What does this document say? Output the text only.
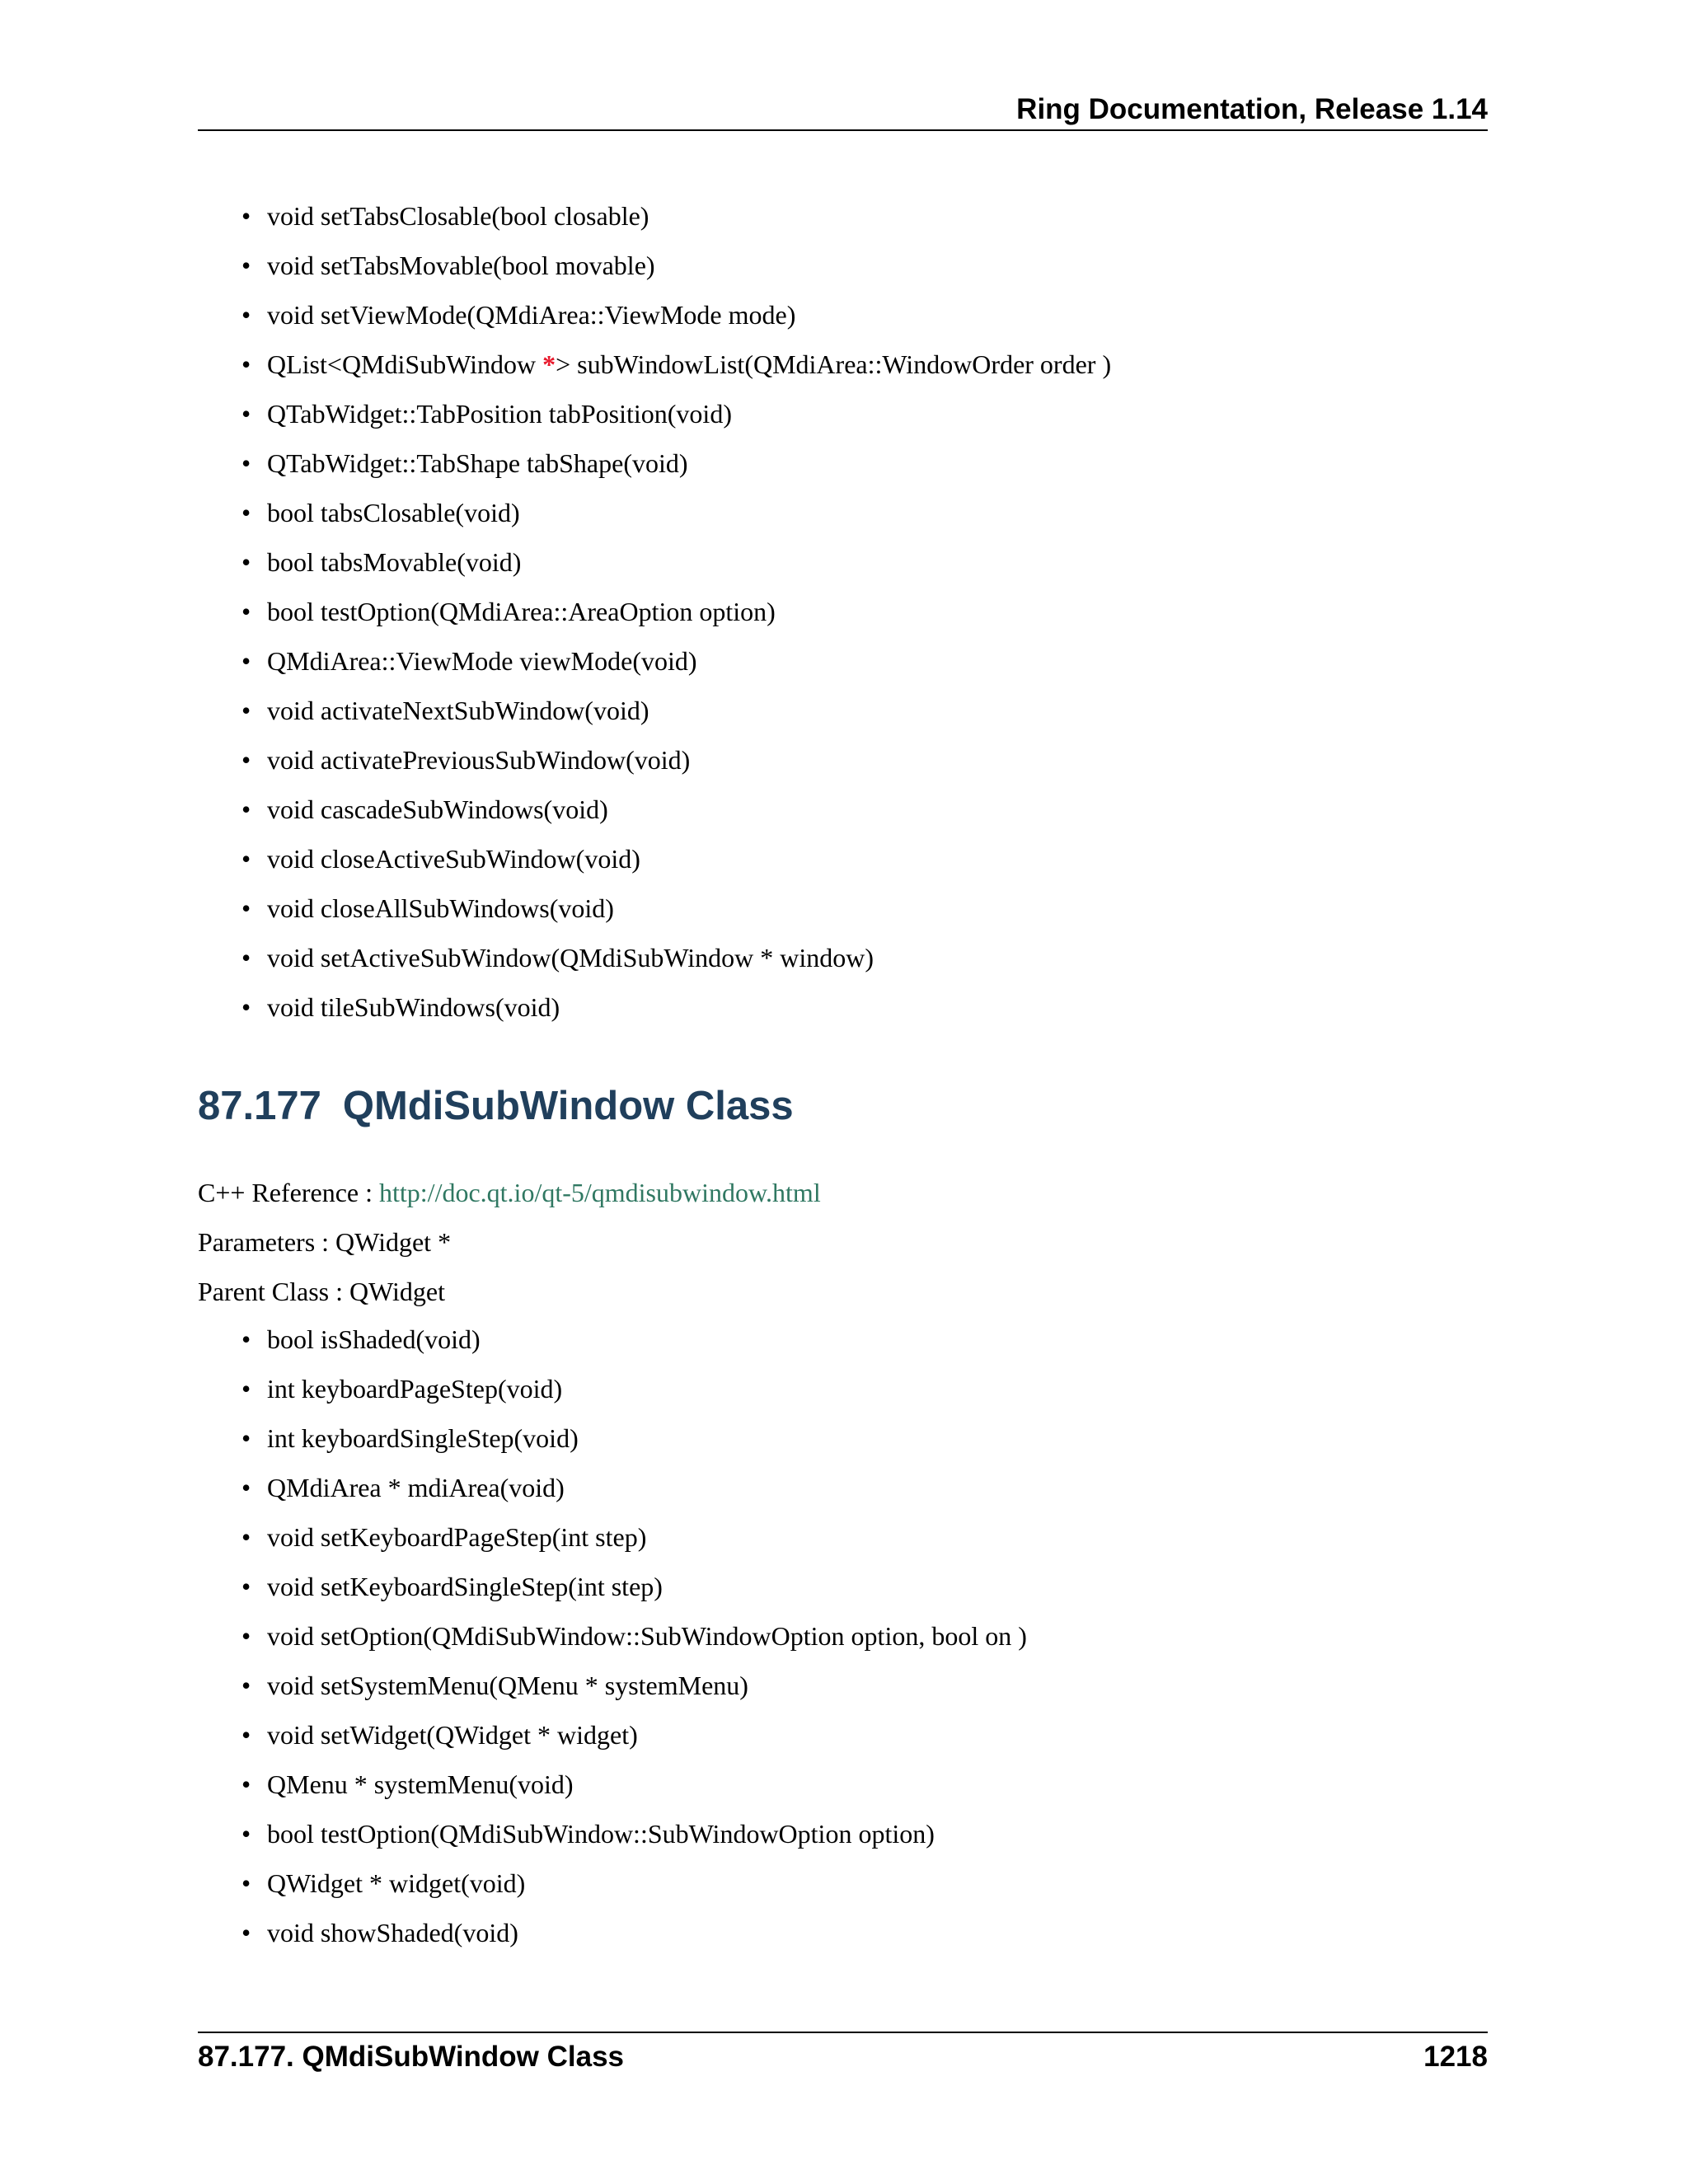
Ring Documentation, Release 1.14
• void setTabsClosable(bool closable)
• void setTabsMovable(bool movable)
• void setViewMode(QMdiArea::ViewMode mode)
• QList<QMdiSubWindow *> subWindowList(QMdiArea::WindowOrder order )
• QTabWidget::TabPosition tabPosition(void)
• QTabWidget::TabShape tabShape(void)
• bool tabsClosable(void)
• bool tabsMovable(void)
• bool testOption(QMdiArea::AreaOption option)
• QMdiArea::ViewMode viewMode(void)
• void activateNextSubWindow(void)
• void activatePreviousSubWindow(void)
• void cascadeSubWindows(void)
• void closeActiveSubWindow(void)
• void closeAllSubWindows(void)
• void setActiveSubWindow(QMdiSubWindow * window)
• void tileSubWindows(void)
87.177 QMdiSubWindow Class
C++ Reference : http://doc.qt.io/qt-5/qmdisubwindow.html
Parameters : QWidget *
Parent Class : QWidget
• bool isShaded(void)
• int keyboardPageStep(void)
• int keyboardSingleStep(void)
• QMdiArea * mdiArea(void)
• void setKeyboardPageStep(int step)
• void setKeyboardSingleStep(int step)
• void setOption(QMdiSubWindow::SubWindowOption option, bool on )
• void setSystemMenu(QMenu * systemMenu)
• void setWidget(QWidget * widget)
• QMenu * systemMenu(void)
• bool testOption(QMdiSubWindow::SubWindowOption option)
• QWidget * widget(void)
• void showShaded(void)
87.177. QMdiSubWindow Class	1218
